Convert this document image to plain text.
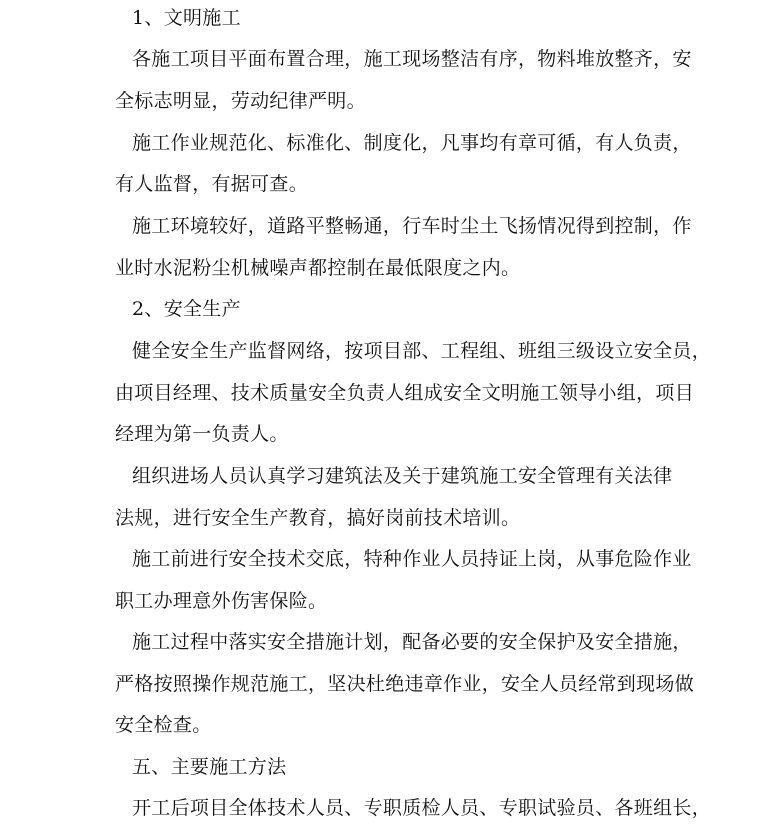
1、文明施工
各施工项目平面布置合理，施工现场整洁有序，物料堆放整齐，安
全标志明显，劳动纪律严明。
施工作业规范化、标准化、制度化，凡事均有章可循，有人负责，
有人监督，有据可查。
施工环境较好，道路平整畅通，行车时尘土飞扬情况得到控制，作
业时水泥粉尘机械噪声都控制在最低限度之内。
2、安全生产
健全安全生产监督网络，按项目部、工程组、班组三级设立安全员，
由项目经理、技术质量安全负责人组成安全文明施工领导小组，项目
经理为第一负责人。
组织进场人员认真学习建筑法及关于建筑施工安全管理有关法律
法规，进行安全生产教育，搞好岗前技术培训。
施工前进行安全技术交底，特种作业人员持证上岗，从事危险作业
职工办理意外伤害保险。
施工过程中落实安全措施计划，配备必要的安全保护及安全措施，
严格按照操作规范施工，坚决杜绝违章作业，安全人员经常到现场做
安全检查。
五、主要施工方法
开工后项目全体技术人员、专职质检人员、专职试验员、各班组长，
